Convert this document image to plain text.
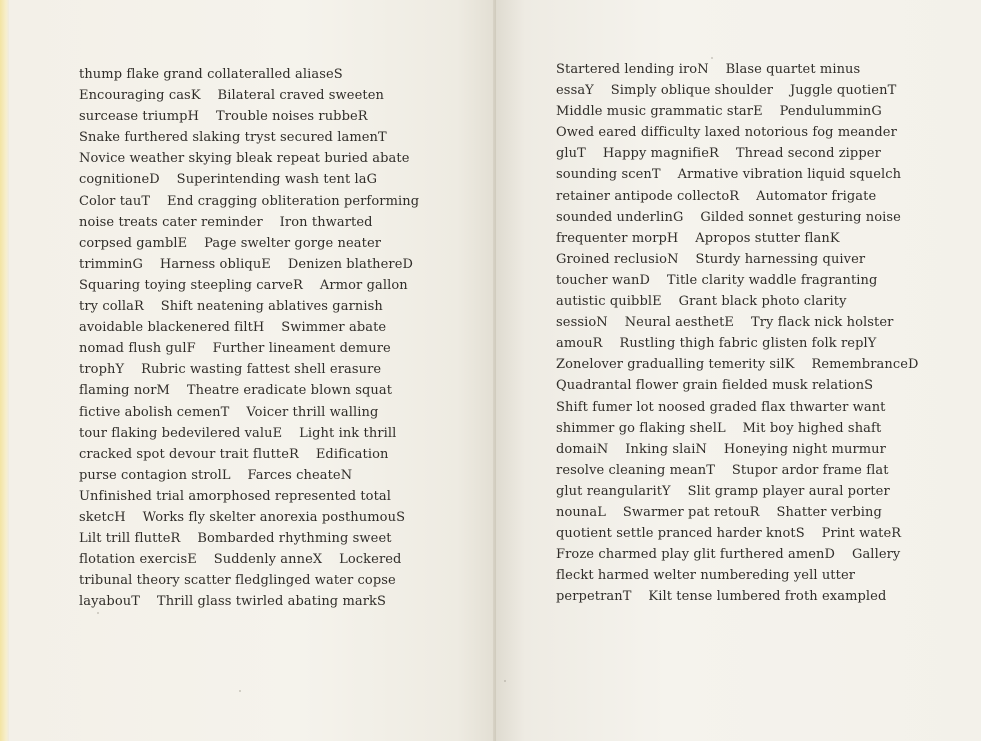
thump flake grand collateralled aliaseS
Encouraging casK    Bilateral craved sweeten
surcease triumpH    Trouble noises rubbeR
Snake furthered slaking tryst secured lamenT
Novice weather skying bleak repeat buried abate
cognitioneD    Superintending wash tent laG
Color tauT    End cragging obliteration performing
noise treats cater reminder    Iron thwarted
corpsed gamblE    Page swelter gorge neater
trimminG    Harness obliquE    Denizen blathereD
Squaring toying steepling carveR    Armor gallon
try collaR    Shift neatening ablatives garnish
avoidable blackenered filtH    Swimmer abate
nomad flush gulF    Further lineament demure
trophY    Rubric wasting fattest shell erasure
flaming norM    Theatre eradicate blown squat
fictive abolish cemenT    Voicer thrill walling
tour flaking bedevilered valuE    Light ink thrill
cracked spot devour trait flutteR    Edification
purse contagion strolL    Farces cheateN
Unfinished trial amorphosed represented total
sketcH    Works fly skelter anorexia posthumouS
Lilt trill flutteR    Bombarded rhythming sweet
flotation exercisE    Suddenly anneX    Lockered
tribunal theory scatter fledglinged water copse
layabouT    Thrill glass twirled abating markS
Startered lending iroN    Blase quartet minus
essaY    Simply oblique shoulder    Juggle quotienT
Middle music grammatic starE    PendulumminG
Owed eared difficulty laxed notorious fog meander
gluT    Happy magnifieR    Thread second zipper
sounding scenT    Armative vibration liquid squelch
retainer antipode collectoR    Automator frigate
sounded underlinG    Gilded sonnet gesturing noise
frequenter morpH    Apropos stutter flanK
Groined reclusioN    Sturdy harnessing quiver
toucher wanD    Title clarity waddle fragranting
autistic quibblE    Grant black photo clarity
sessioN    Neural aesthetE    Try flack nick holster
amouR    Rustling thigh fabric glisten folk replY
Zonelover gradualling temerity silK    RemembranceD
Quadrantal flower grain fielded musk relationS
Shift fumer lot noosed graded flax thwarter want
shimmer go flaking shelL    Mit boy highed shaft
domaiN    Inking slaiN    Honeying night murmur
resolve cleaning meanT    Stupor ardor frame flat
glut reangularitY    Slit gramp player aural porter
nounaL    Swarmer pat retouR    Shatter verbing
quotient settle pranced harder knotS    Print wateR
Froze charmed play glit furthered amenD    Gallery
fleckt harmed welter numbereding yell utter
perpetranT    Kilt tense lumbered froth exampled
